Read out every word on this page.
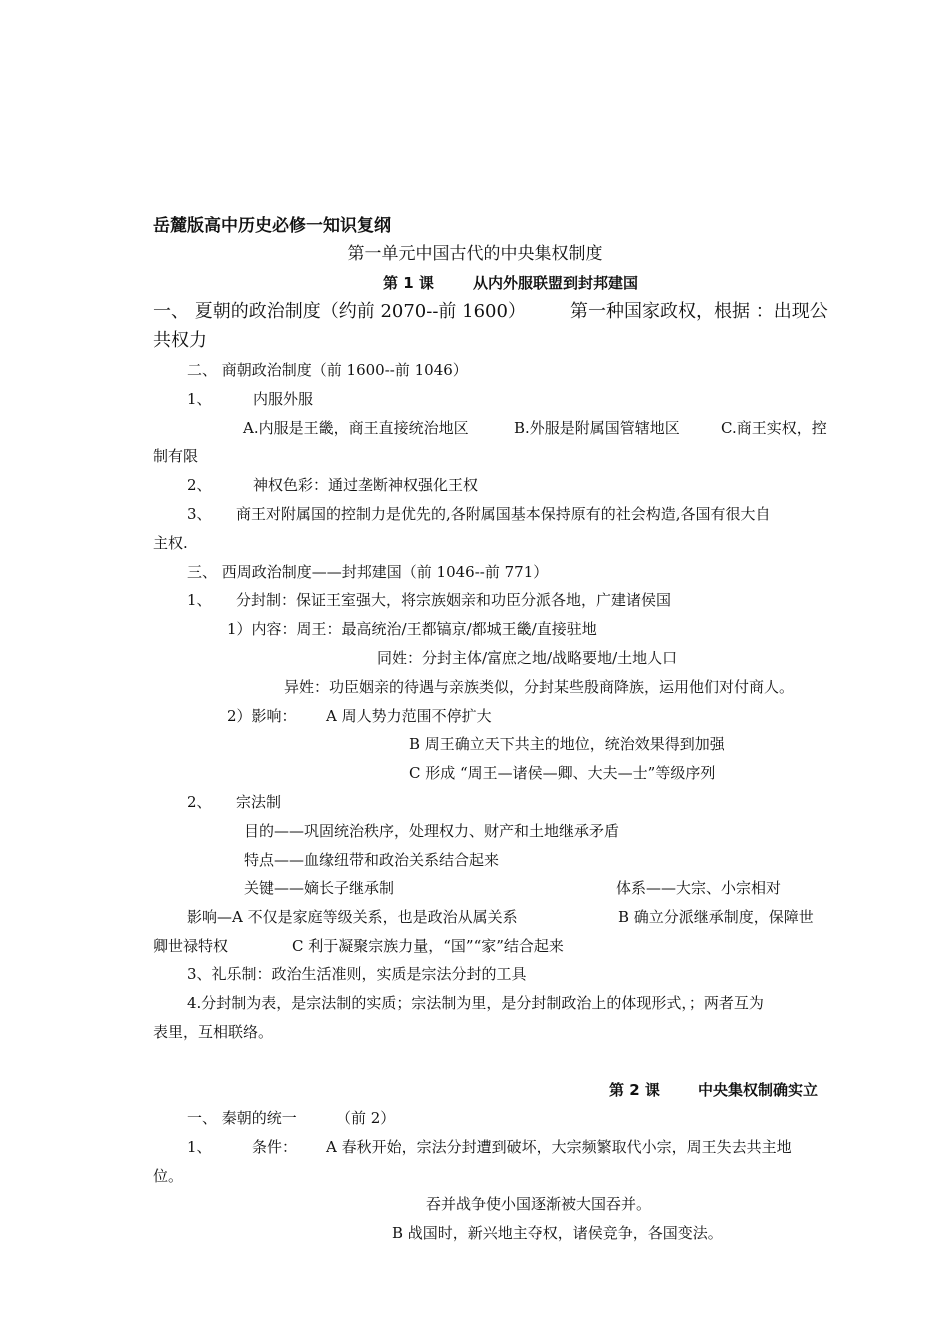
岳麓版高中历史必修一知识复纲
第一单元中国古代的中央集权制度
第 1 课	从内外服联盟到封邦建国
一、 夏朝的政治制度（约前 2070--前 1600） 第一种国家政权，根据 ：出现公
共权力
二、 商朝政治制度（前 1600--前 1046）
1、	内服外服
A.内服是王畿，商王直接统治地区	B.外服是附属国管辖地区	C.商王实权，控
制有限
2、	神权色彩：通过垄断神权强化王权
3、 商王对附属国的控制力是优先的,各附属国基本保持原有的社会构造,各国有很大自
主权.
三、 西周政治制度——封邦建国（前 1046--前 771）
1、 分封制：保证王室强大，将宗族姻亲和功臣分派各地，广建诸侯国
1）内容：周王：最高统治/王都镐京/都城王畿/直接驻地
同姓：分封主体/富庶之地/战略要地/土地人口
异姓：功臣姻亲的待遇与亲族类似，分封某些殷商降族，运用他们对付商人。
2）影响： A 周人势力范围不停扩大
B 周王确立天下共主的地位，统治效果得到加强
C 形成 “周王—诸侯—卿、大夫—士”等级序列
2、 宗法制
目的——巩固统治秩序，处理权力、财产和土地继承矛盾
特点——血缘纽带和政治关系结合起来
关键——嫡长子继承制	体系——大宗、小宗相对
影响—A 不仅是家庭等级关系，也是政治从属关系	B 确立分派继承制度，保障世
卿世禄特权	C 利于凝聚宗族力量，“国”“家”结合起来
3、礼乐制：政治生活准则，实质是宗法分封的工具
4.分封制为表，是宗法制的实质；宗法制为里，是分封制政治上的体现形式，；两者互为
表里，互相联络。
第 2 课	中央集权制确实立
一、 秦朝的统一	（前 2）
1、	条件： A 春秋开始，宗法分封遭到破坏，大宗频繁取代小宗，周王失去共主地
位。
吞并战争使小国逐渐被大国吞并。
B 战国时，新兴地主夺权，诸侯竞争，各国变法。
